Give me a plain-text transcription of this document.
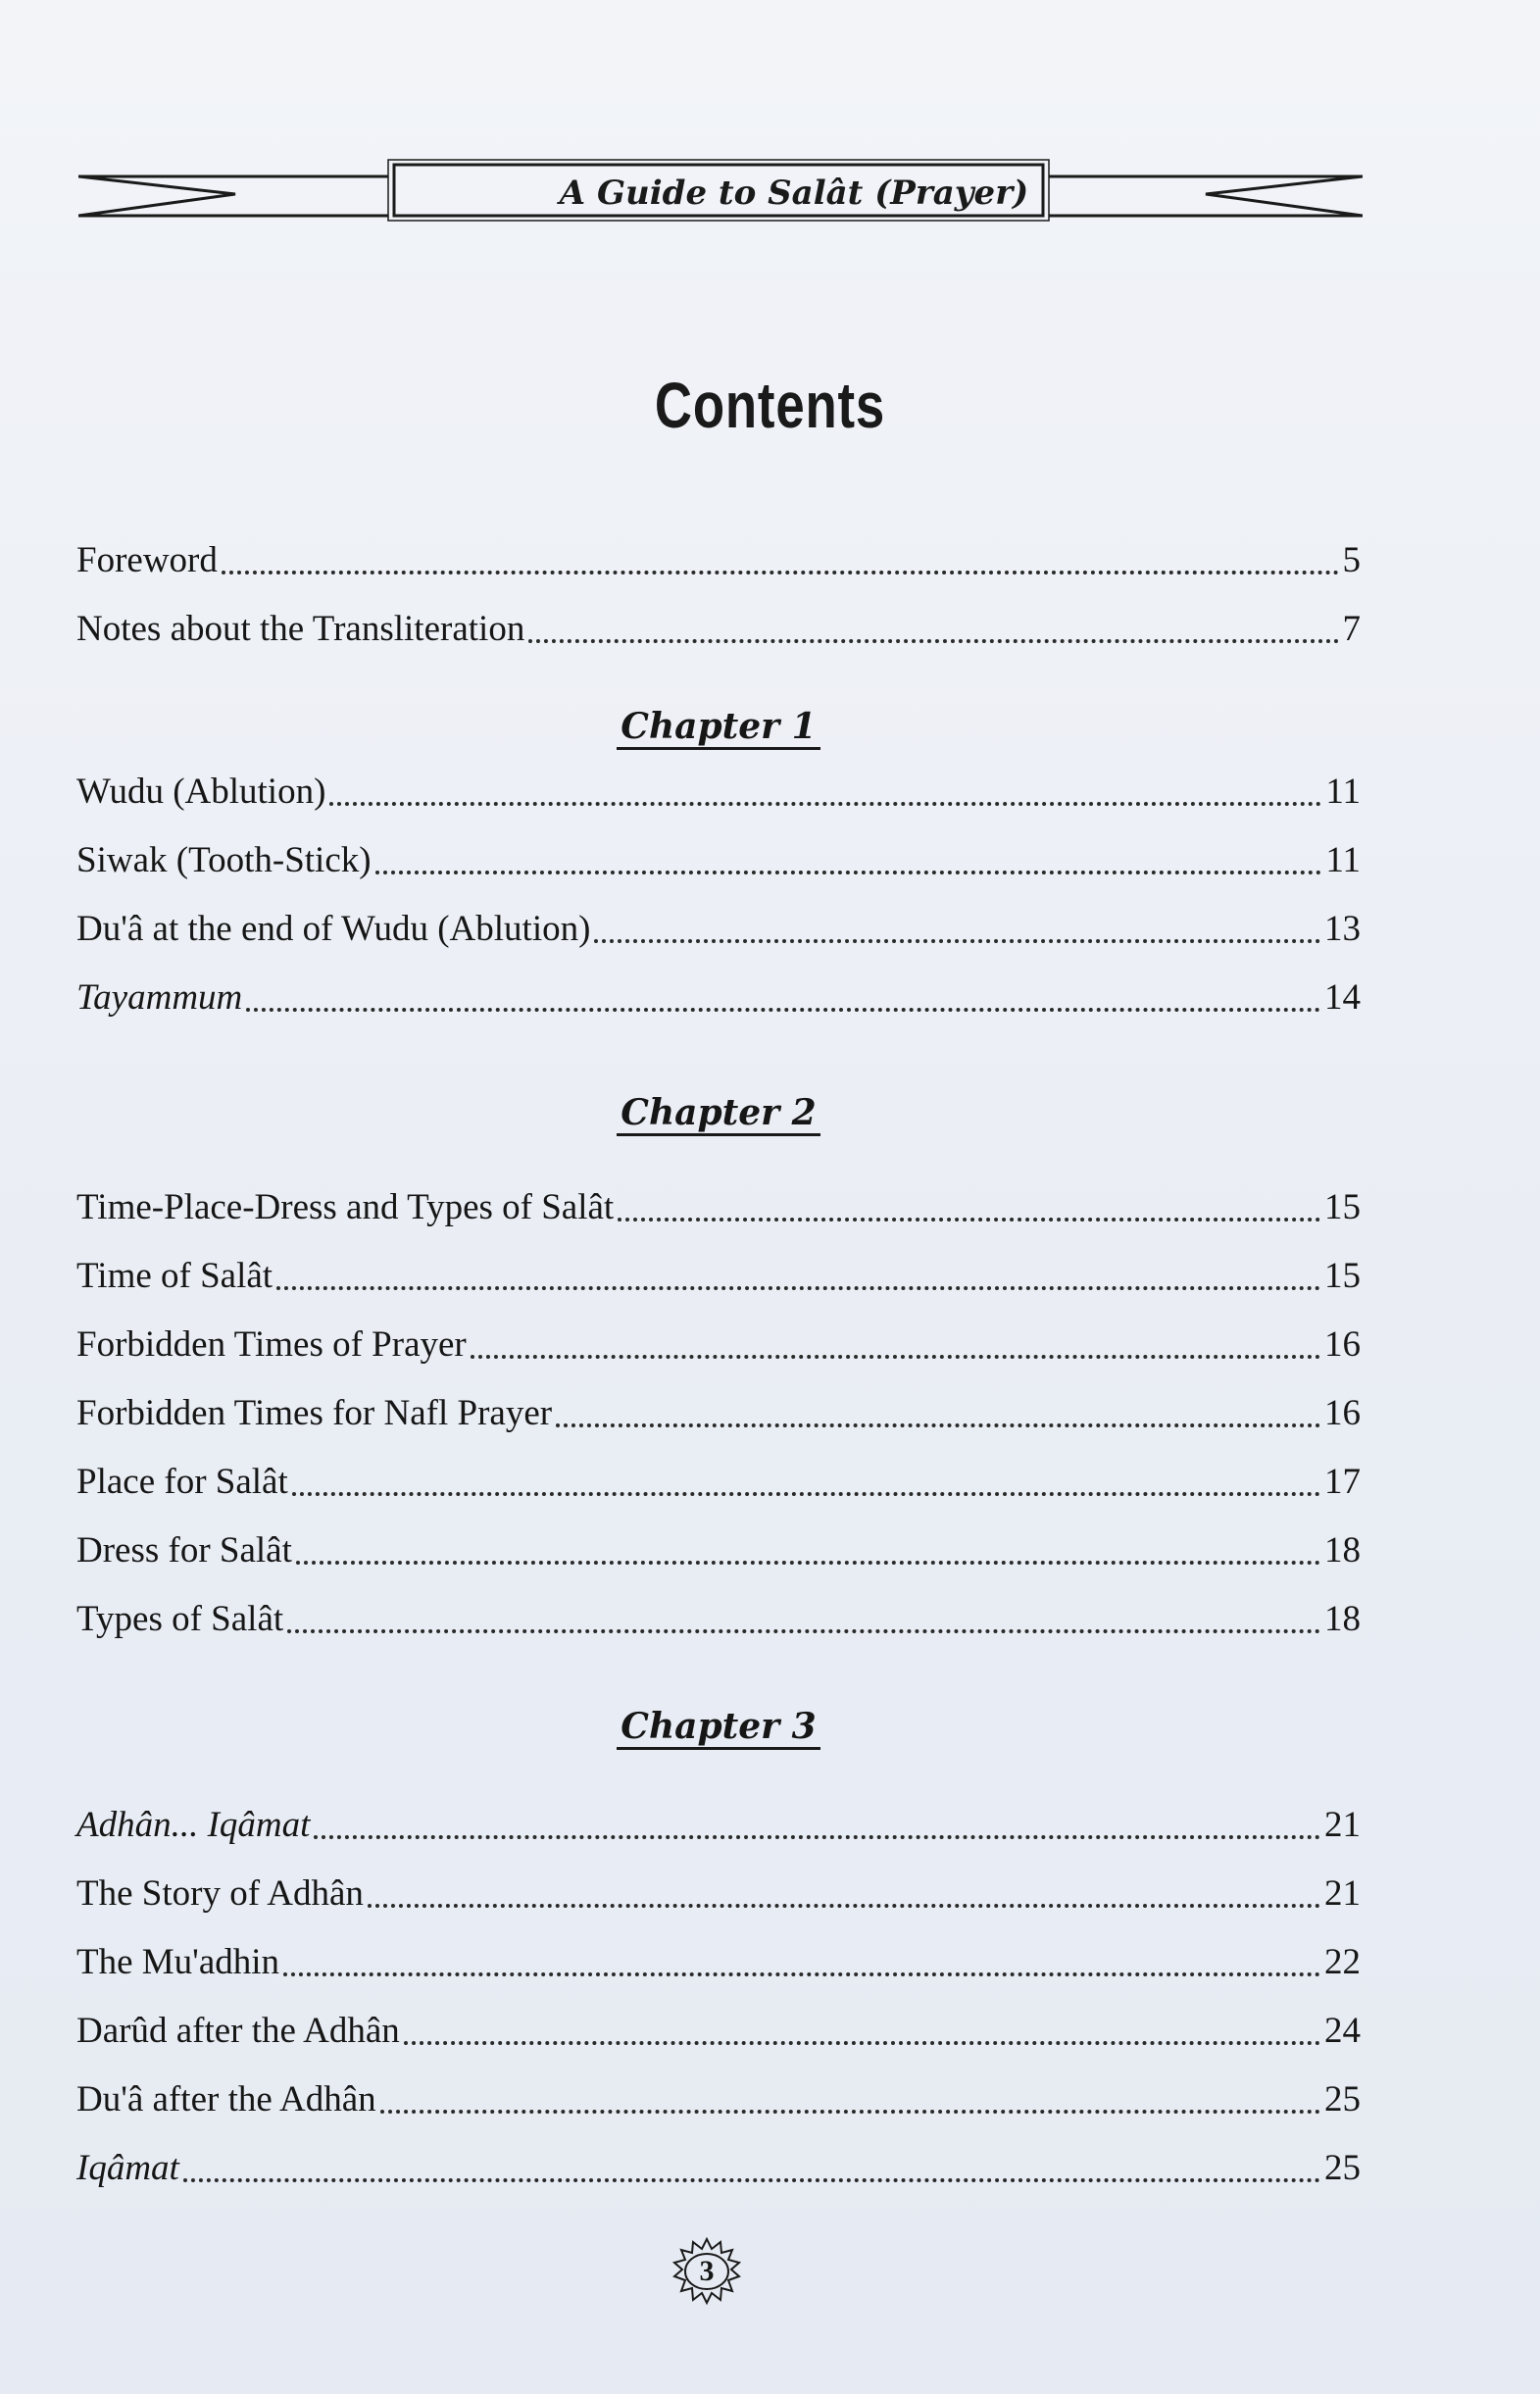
A Guide to Salât (Prayer)
Contents
Foreword	5
Notes about the Transliteration	7
Chapter 1
Wudu (Ablution)	11
Siwak (Tooth-Stick)	11
Du'â at the end of Wudu (Ablution)	13
Tayammum	14
Chapter 2
Time-Place-Dress and Types of Salât	15
Time of Salât	15
Forbidden Times of Prayer	16
Forbidden Times for Nafl Prayer	16
Place for Salât	17
Dress for Salât	18
Types of Salât	18
Chapter 3
Adhân... Iqâmat	21
The Story of Adhân	21
The Mu'adhin	22
Darûd after the Adhân	24
Du'â after the Adhân	25
Iqâmat	25
3
